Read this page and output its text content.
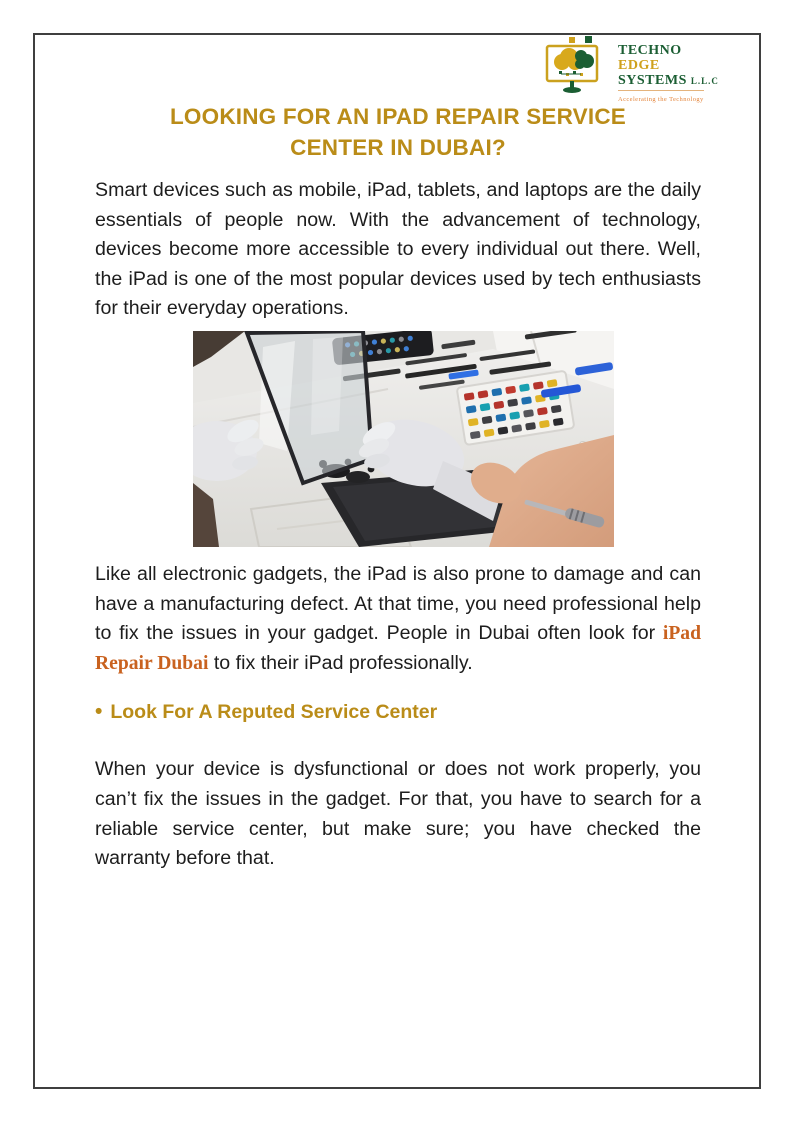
TECHNO
EDGE
SYSTEMS L.L.C
Accelerating the Technology
LOOKING FOR AN IPAD REPAIR SERVICE
CENTER IN DUBAI?

Smart devices such as mobile, iPad, tablets, and laptops are the daily essentials of people now. With the advancement of technology, devices become more accessible to every individual out there. Well, the iPad is one of the most popular devices used by tech enthusiasts for their everyday operations.

Like all electronic gadgets, the iPad is also prone to damage and can have a manufacturing defect. At that time, you need professional help to fix the issues in your gadget. People in Dubai often look for iPad Repair Dubai to fix their iPad professionally.

• Look For A Reputed Service Center

When your device is dysfunctional or does not work properly, you can’t fix the issues in the gadget. For that, you have to search for a reliable service center, but make sure; you have checked the warranty before that.
